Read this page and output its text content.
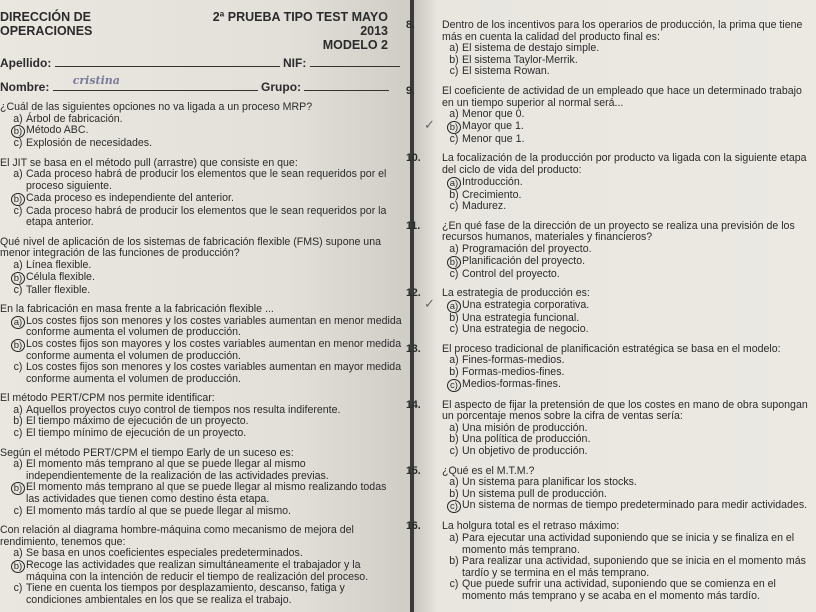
DIRECCIÓN DE OPERACIONES
2ª PRUEBA TIPO TEST MAYO 2013
MODELO 2
Apellido:	NIF:
Nombre: cristina	Grupo:
¿Cuál de las siguientes opciones no va ligada a un proceso MRP?
a) Árbol de fabricación.
b) Método ABC.
c) Explosión de necesidades.
El JIT se basa en el método pull (arrastre) que consiste en que:
a) Cada proceso habrá de producir los elementos que le sean requeridos por el proceso siguiente.
b) Cada proceso es independiente del anterior.
c) Cada proceso habrá de producir los elementos que le sean requeridos por la etapa anterior.
Qué nivel de aplicación de los sistemas de fabricación flexible (FMS) supone una menor integración de las funciones de producción?
a) Línea flexible.
b) Célula flexible.
c) Taller flexible.
En la fabricación en masa frente a la fabricación flexible ...
a) Los costes fijos son menores y los costes variables aumentan en menor medida conforme aumenta el volumen de producción.
b) Los costes fijos son mayores y los costes variables aumentan en menor medida conforme aumenta el volumen de producción.
c) Los costes fijos son menores y los costes variables aumentan en mayor medida conforme aumenta el volumen de producción.
El método PERT/CPM nos permite identificar:
a) Aquellos proyectos cuyo control de tiempos nos resulta indiferente.
b) El tiempo máximo de ejecución de un proyecto.
c) El tiempo mínimo de ejecución de un proyecto.
Según el método PERT/CPM el tiempo Early de un suceso es:
a) El momento más temprano al que se puede llegar al mismo independientemente de la realización de las actividades previas.
b) El momento más temprano al que se puede llegar al mismo realizando todas las actividades que tienen como destino ésta etapa.
c) El momento más tardío al que se puede llegar al mismo.
Con relación al diagrama hombre-máquina como mecanismo de mejora del rendimiento, tenemos que:
a) Se basa en unos coeficientes especiales predeterminados.
b) Recoge las actividades que realizan simultáneamente el trabajador y la máquina con la intención de reducir el tiempo de realización del proceso.
c) Tiene en cuenta los tiempos por desplazamiento, descanso, fatiga y condiciones ambientales en los que se realiza el trabajo.
8.	Dentro de los incentivos para los operarios de producción, la prima que tiene más en cuenta la calidad del producto final es:
a) El sistema de destajo simple.
b) El sistema Taylor-Merrik.
c) El sistema Rowan.
9.	El coeficiente de actividad de un empleado que hace un determinado trabajo en un tiempo superior al normal será...
a) Menor que 0.
b)
✓	Mayor que 1.
c) Menor que 1.
10. La focalización de la producción por producto va ligada con la siguiente etapa del ciclo de vida del producto:
a) Introducción.
b) Crecimiento.
c) Madurez.
11. ¿En qué fase de la dirección de un proyecto se realiza una previsión de los recursos humanos, materiales y financieros?
a) Programación del proyecto.
b) Planificación del proyecto.
c) Control del proyecto.
12. La estrategia de producción es:
a)
✓	Una estrategia corporativa.
b) Una estrategia funcional.
c) Una estrategia de negocio.
13. El proceso tradicional de planificación estratégica se basa en el modelo:
a) Fines-formas-medios.
b) Formas-medios-fines.
c) Medios-formas-fines.
14. El aspecto de fijar la pretensión de que los costes en mano de obra supongan un porcentaje menos sobre la cifra de ventas sería:
a) Una misión de producción.
b) Una política de producción.
c) Un objetivo de producción.
15. ¿Qué es el M.T.M.?
a) Un sistema para planificar los stocks.
b) Un sistema pull de producción.
c) Un sistema de normas de tiempo predeterminado para medir actividades.
16. La holgura total es el retraso máximo:
a) Para ejecutar una actividad suponiendo que se inicia y se finaliza en el momento más temprano.
b) Para realizar una actividad, suponiendo que se inicia en el momento más tardío y se termina en el más temprano.
c) Que puede sufrir una actividad, suponiendo que se comienza en el momento más temprano y se acaba en el momento más tardío.
